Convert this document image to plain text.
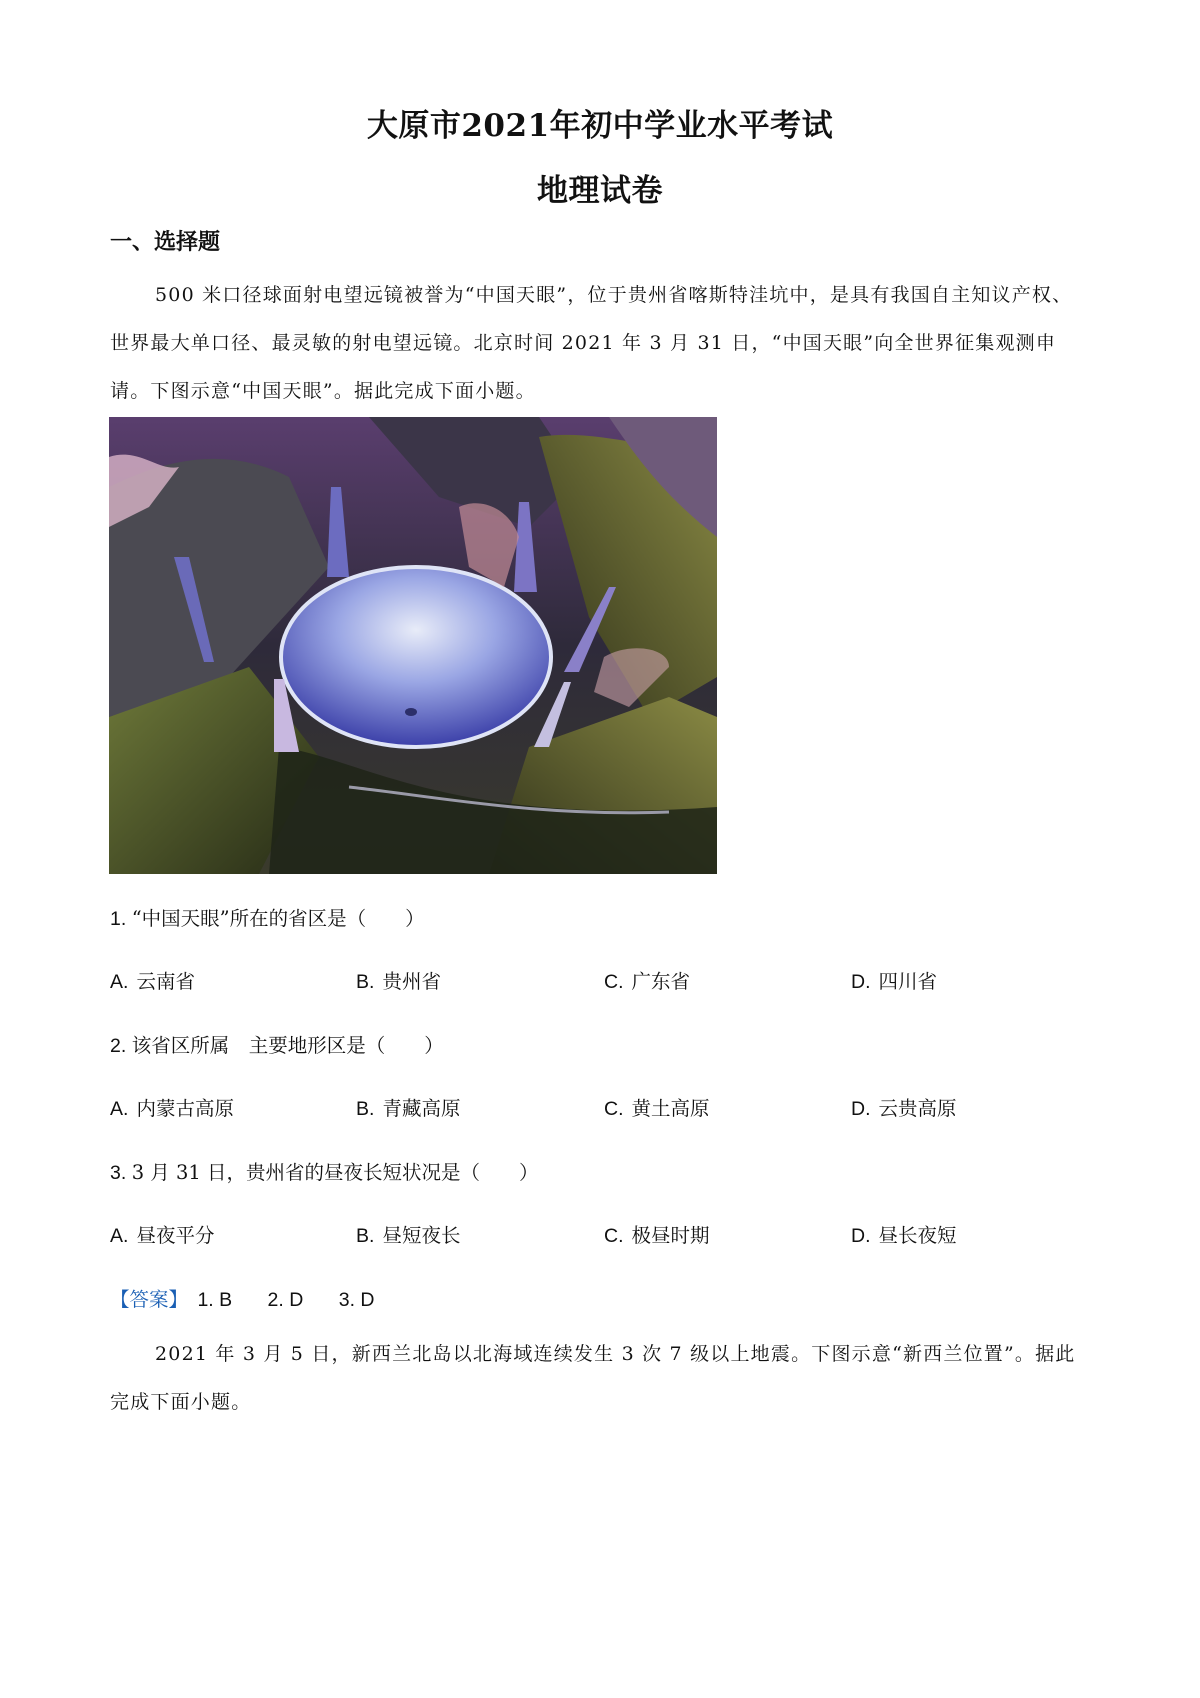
大原市2021年初中学业水平考试
地理试卷
一、选择题
500 米口径球面射电望远镜被誉为“中国天眼”，位于贵州省喀斯特洼坑中，是具有我国自主知议产权、
世界最大单口径、最灵敏的射电望远镜。北京时间 2021 年 3 月 31 日，“中国天眼”向全世界征集观测申
请。下图示意“中国天眼”。据此完成下面小题。
1. “中国天眼”所在的省区是（　　）
A. 云南省	B. 贵州省	C. 广东省	D. 四川省
2. 该省区所属　主要地形区是（　　）
A. 内蒙古高原	B. 青藏高原	C. 黄土高原	D. 云贵高原
3. 3 月 31 日，贵州省的昼夜长短状况是（　　）
A. 昼夜平分	B. 昼短夜长	C. 极昼时期	D. 昼长夜短
【答案】 1. B 2. D 3. D
2021 年 3 月 5 日，新西兰北岛以北海域连续发生 3 次 7 级以上地震。下图示意“新西兰位置”。据此
完成下面小题。
